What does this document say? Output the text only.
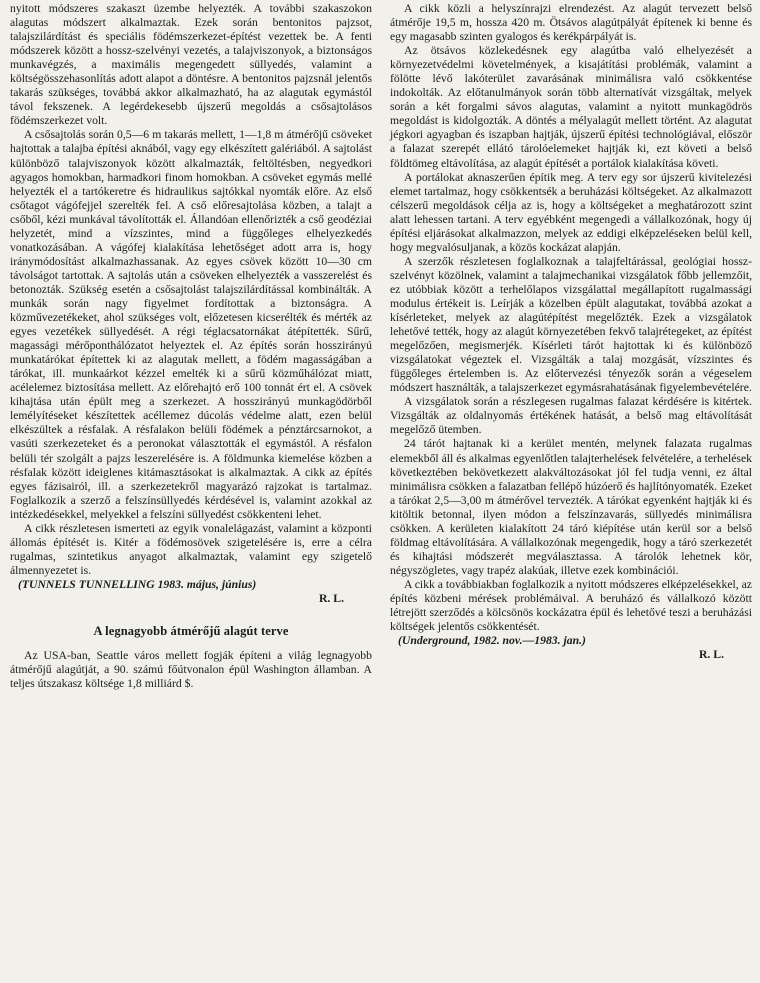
nyitott módszeres szakaszt üzembe helyezték. A további szakaszokon alagutas módszert alkalmaztak. Ezek során bentonitos pajzsot, talajszilárdítást és speciális födémszerkezet-építést vezettek be. A fenti módszerek között a hossz-szelvényi vezetés, a talajviszonyok, a biztonságos munkavégzés, a maximális megengedett süllyedés, valamint a költségösszehasonlítás adott alapot a döntésre. A bentonitos pajzsnál jelentős takarás szükséges, továbbá akkor alkalmazható, ha az alagutak egymástól távol fekszenek. A legérdekesebb újszerű megoldás a csősajtolásos födémszerkezet volt.

A csősajtolás során 0,5—6 m takarás mellett, 1—1,8 m átmérőjű csöveket hajtottak a talajba építési aknából, vagy egy elkészített galériából. A sajtolást különböző talajviszonyok között alkalmazták, feltöltésben, negyedkori agyagos homokban, harmadkori finom homokban. A csöveket egymás mellé helyezték el a tartókeretre és hidraulikus sajtókkal nyomták előre. Az első csőtagot vágófejjel szerelték fel. A cső előresajtolása közben, a talajt a csőből, kézi munkával távolították el. Állandóan ellenőrizték a cső geodéziai helyzetét, mind a vízszintes, mind a függőleges elhelyezkedés vonatkozásában. A vágófej kialakítása lehetőséget adott arra is, hogy iránymódosítást alkalmazhassanak. Az egyes csövek között 10—30 cm távolságot tartottak. A sajtolás után a csöveken elhelyezték a vasszerelést és betonozták. Szükség esetén a csősajtolást talajszilárdítással kombinálták. A munkák során nagy figyelmet fordítottak a biztonságra. A közművezetékeket, ahol szükséges volt, előzetesen kicserélték és mérték az egyes vezetékek süllyedését. A régi téglacsatornákat átépítették. Sűrű, magassági mérőponthálózatot helyeztek el. Az építés során hosszirányú munkatárókat építettek ki az alagutak mellett, a födém magasságában a tárókat, ill. munkaárkot kézzel emelték ki a sűrű közműhálózat miatt, acélelemez biztosítása mellett. Az előrehajtó erő 100 tonnát ért el. A csövek kihajtása után épült meg a szerkezet. A hosszirányú munkagödörből lemélyítéseket készítettek acéllemez dúcolás védelme alatt, ezen belül elkészültek a résfalak. A résfalakon belüli födémek a pénztárcsarnokot, a vasúti szerkezeteket és a peronokat választották el egymástól. A résfalon belüli tér szolgált a pajzs leszerelésére is. A földmunka kiemelése közben a résfalak között ideiglenes kitámasztásokat is alkalmaztak. A cikk az építés egyes fázisairól, ill. a szerkezetekről magyarázó rajzokat is tartalmaz. Foglalkozik a szerző a felszínsüllyedés kérdésével is, valamint azokkal az intézkedésekkel, melyekkel a felszíni süllyedést csökkenteni lehet.

A cikk részletesen ismerteti az egyik vonalelágazást, valamint a központi állomás építését is. Kitér a födémosövek szigetelésére is, erre a célra rugalmas, szintetikus anyagot alkalmaztak, valamint egy szigetelő álmennyezetet is.

(TUNNELS TUNNELLING 1983. május, június)
R. L.
A legnagyobb átmérőjű alagút terve

Az USA-ban, Seattle város mellett fogják építeni a világ legnagyobb átmérőjű alagútját, a 90. számú főútvonalon épül Washington államban. A teljes útszakasz költsége 1,8 milliárd $.

A cikk közli a helyszínrajzi elrendezést. Az alagút tervezett belső átmérője 19,5 m, hossza 420 m. Ötsávos alagútpályát építenek ki benne és egy magasabb szinten gyalogos és kerékpárpályát is.

Az ötsávos közlekedésnek egy alagútba való elhelyezését a környezetvédelmi követelmények, a kisajátítási problémák, valamint a fölötte lévő lakóterület zavarásának minimálisra való csökkentése indokolták. Az előtanulmányok során több alternatívát vizsgáltak, melyek során a két forgalmi sávos alagutas, valamint a nyitott munkagödrös megoldást is kidolgozták. A döntés a mélyalagút mellett történt. Az alagutat jégkori agyagban és iszapban hajtják, újszerű építési technológiával, először a falazat szerepét ellátó tárolóelemeket hajtják ki, ezt követi a belső földtömeg eltávolítása, az alagút építését a portálok kialakítása követi.

A portálokat aknaszerűen építik meg. A terv egy sor újszerű kivitelezési elemet tartalmaz, hogy csökkentsék a beruházási költségeket. Az alkalmazott célszerű megoldások célja az is, hogy a költségeket a meghatározott szint alatt lehessen tartani. A terv egyébként megengedi a vállalkozónak, hogy új építési eljárásokat alkalmazzon, melyek az eddigi elképzeléseken belül kell, hogy megvalósuljanak, a közös kockázat alapján.

A szerzők részletesen foglalkoznak a talajfeltárással, geológiai hossz-szelvényt közölnek, valamint a talajmechanikai vizsgálatok főbb jellemzőit, ez utóbbiak között a terhelőlapos vizsgálattal megállapított rugalmassági modulus értékeit is. Leírják a közelben épült alagutakat, továbbá azokat a kísérleteket, melyek az alagútépítést megelőzték. Ezek a vizsgálatok lehetővé tették, hogy az alagút környezetében fekvő talajrétegeket, az építést megelőzően, megismerjék. Kísérleti tárót hajtottak ki és különböző vizsgálatokat végeztek el. Vizsgálták a talaj mozgását, vízszintes és függőleges értelemben is. Az előtervezési tényezők során a végeselem módszert használták, a talajszerkezet egymásrahatásának figyelembevételére.

A vizsgálatok során a részlegesen rugalmas falazat kérdésére is kitértek. Vizsgálták az oldalnyomás értékének hatását, a belső mag eltávolítását megelőző ütemben.

24 tárót hajtanak ki a kerület mentén, melynek falazata rugalmas elemekből áll és alkalmas egyenlőtlen talajterhelések felvételére, a terhelések következtében bekövetkezett alakváltozásokat jól fel tudja venni, ez által minimálisra csökken a falazatban fellépő húzóerő és hajlítónyomaték. Ezeket a tárókat 2,5—3,00 m átmérővel tervezték. A tárókat egyenként hajtják ki és kitöltik betonnal, ilyen módon a felszínzavarás, süllyedés minimálisra csökken. A kerületen kialakított 24 táró kiépítése után kerül sor a belső földmag eltávolítására. A vállalkozónak megengedik, hogy a táró szerkezetét és kihajtási módszerét megválasztassa. A tárolók lehetnek kör, négyszögletes, vagy trapéz alakúak, illetve ezek kombinációi.

A cikk a továbbiakban foglalkozik a nyitott módszeres elképzelésekkel, az építés közbeni mérések problémáival. A beruházó és vállalkozó között létrejött szerződés a kölcsönös kockázatra épül és lehetővé teszi a beruházási költségek jelentős csökkentését.

(Underground, 1982. nov.—1983. jan.)
R. L.
